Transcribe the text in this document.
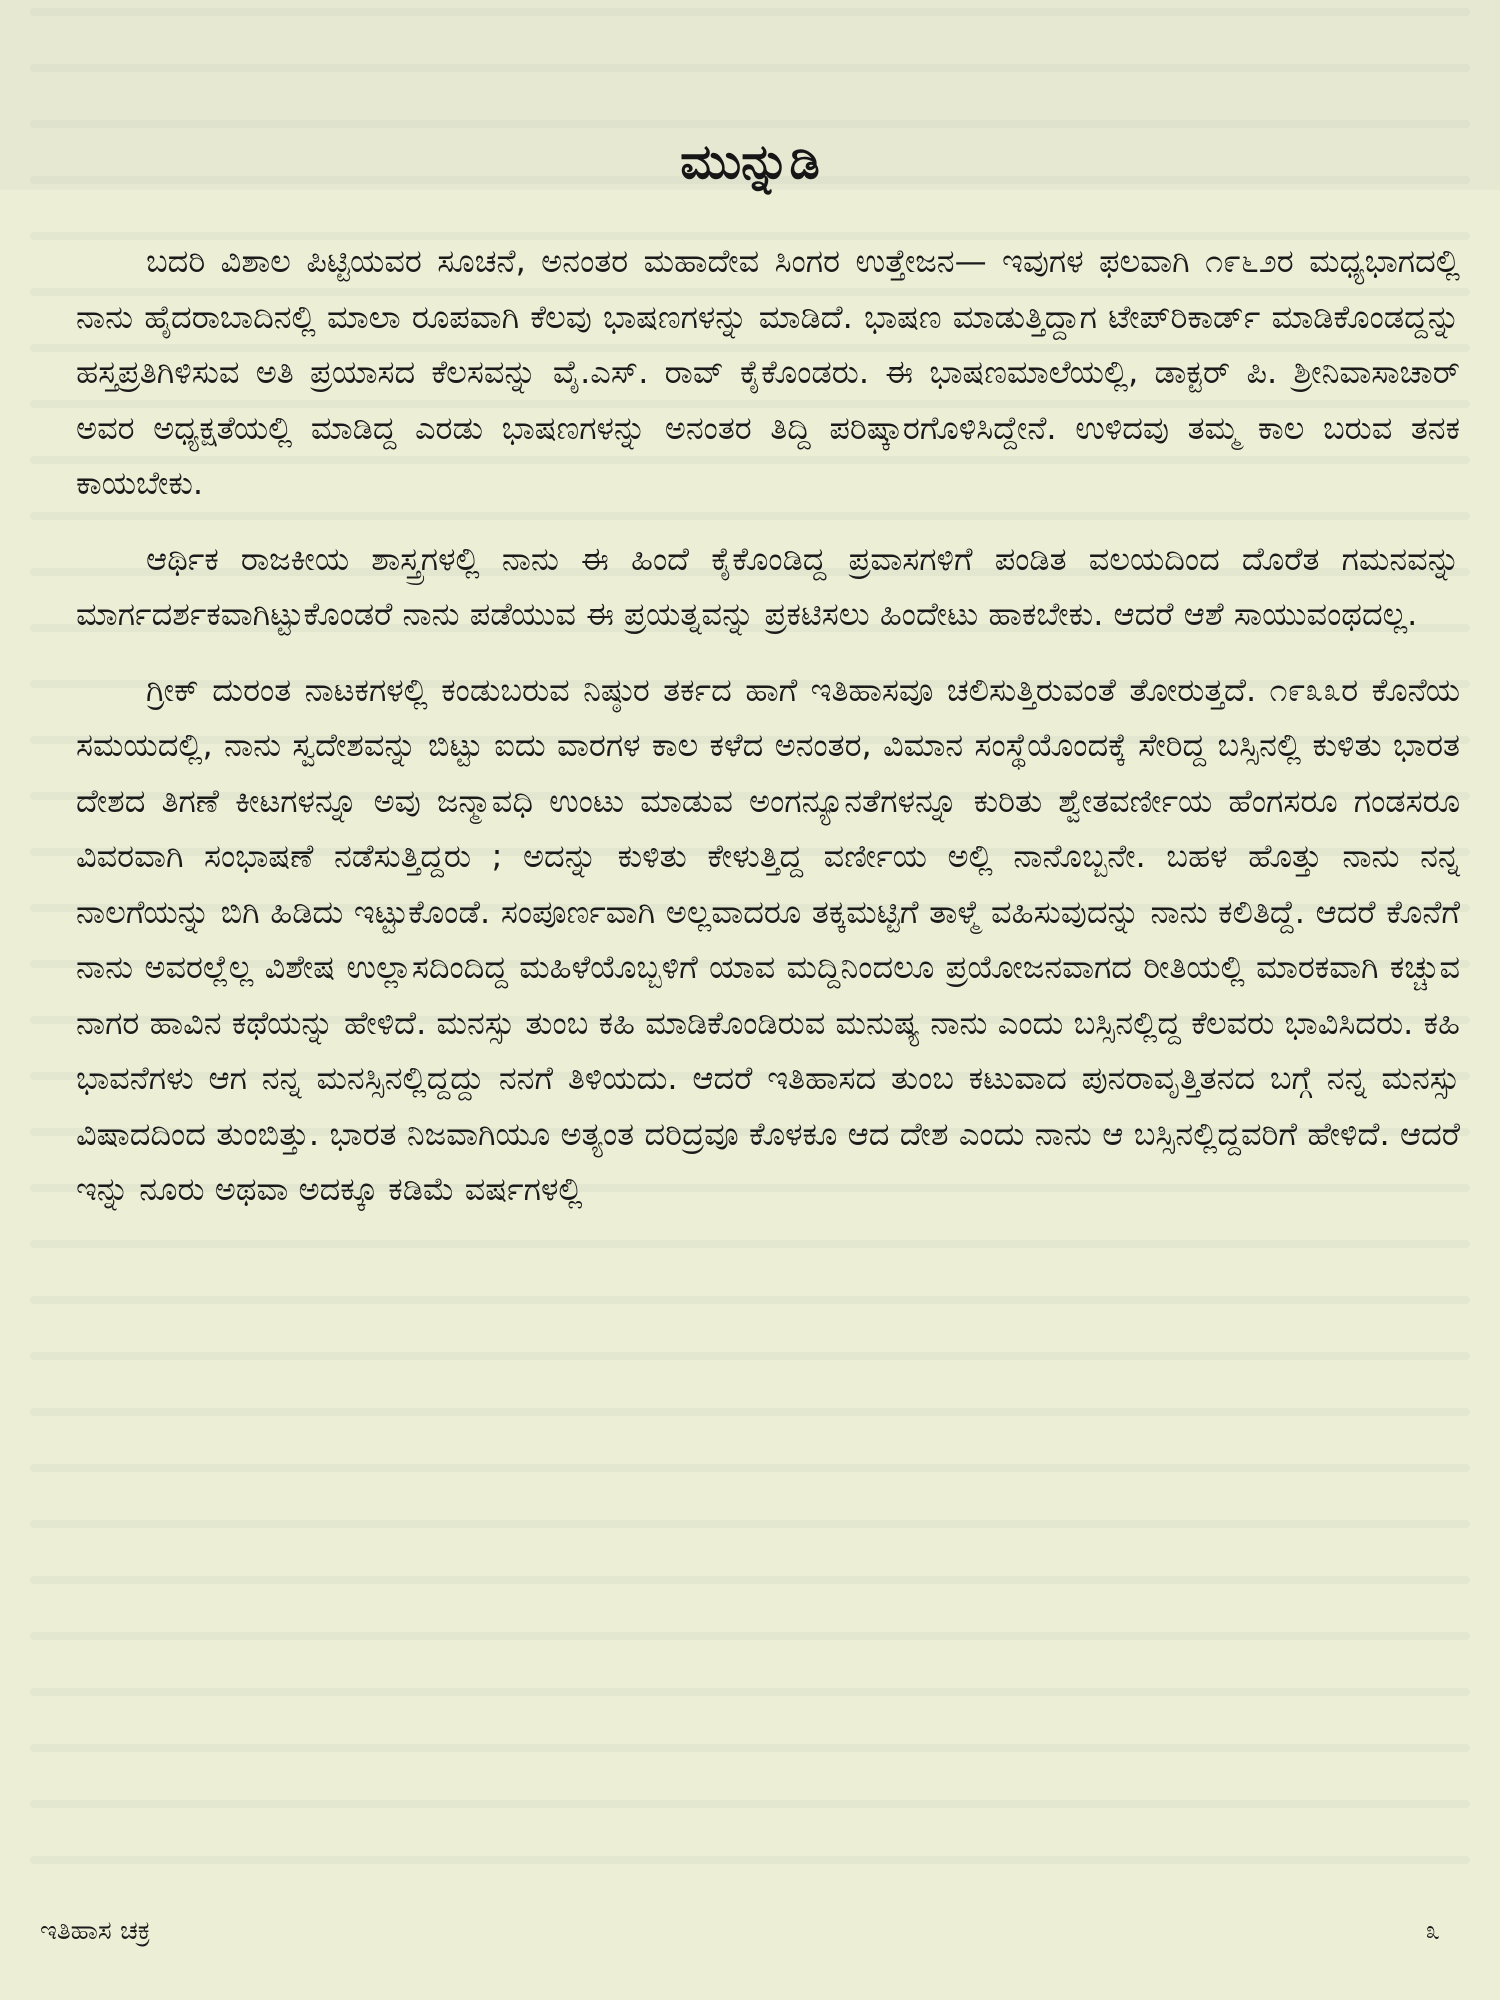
ಮುನ್ನುಡಿ

ಬದರಿ ವಿಶಾಲ ಪಿಟ್ಟಿಯವರ ಸೂಚನೆ, ಅನಂತರ ಮಹಾದೇವ ಸಿಂಗರ ಉತ್ತೇಜನ— ಇವುಗಳ ಫಲವಾಗಿ ೧೯೬೨ರ ಮಧ್ಯಭಾಗದಲ್ಲಿ ನಾನು ಹೈದರಾಬಾದಿನಲ್ಲಿ ಮಾಲಾ ರೂಪವಾಗಿ ಕೆಲವು ಭಾಷಣಗಳನ್ನು ಮಾಡಿದೆ. ಭಾಷಣ ಮಾಡುತ್ತಿದ್ದಾಗ ಟೇಪ್‌ರಿಕಾರ್ಡ್ ಮಾಡಿಕೊಂಡದ್ದನ್ನು ಹಸ್ತಪ್ರತಿಗಿಳಿಸುವ ಅತಿ ಪ್ರಯಾಸದ ಕೆಲಸವನ್ನು ವೈ.ಎಸ್. ರಾವ್ ಕೈಕೊಂಡರು. ಈ ಭಾಷಣಮಾಲೆಯಲ್ಲಿ, ಡಾಕ್ಟರ್ ಪಿ. ಶ್ರೀನಿವಾಸಾಚಾರ್ ಅವರ ಅಧ್ಯಕ್ಷತೆಯಲ್ಲಿ ಮಾಡಿದ್ದ ಎರಡು ಭಾಷಣಗಳನ್ನು ಅನಂತರ ತಿದ್ದಿ ಪರಿಷ್ಕಾರಗೊಳಿಸಿದ್ದೇನೆ. ಉಳಿದವು ತಮ್ಮ ಕಾಲ ಬರುವ ತನಕ ಕಾಯಬೇಕು.

ಆರ್ಥಿಕ ರಾಜಕೀಯ ಶಾಸ್ತ್ರಗಳಲ್ಲಿ ನಾನು ಈ ಹಿಂದೆ ಕೈಕೊಂಡಿದ್ದ ಪ್ರವಾಸಗಳಿಗೆ ಪಂಡಿತ ವಲಯದಿಂದ ದೊರೆತ ಗಮನವನ್ನು ಮಾರ್ಗದರ್ಶಕವಾಗಿಟ್ಟುಕೊಂಡರೆ ನಾನು ಪಡೆಯುವ ಈ ಪ್ರಯತ್ನವನ್ನು ಪ್ರಕಟಿಸಲು ಹಿಂದೇಟು ಹಾಕಬೇಕು. ಆದರೆ ಆಶೆ ಸಾಯುವಂಥದಲ್ಲ.

ಗ್ರೀಕ್ ದುರಂತ ನಾಟಕಗಳಲ್ಲಿ ಕಂಡುಬರುವ ನಿಷ್ಠುರ ತರ್ಕದ ಹಾಗೆ ಇತಿಹಾಸವೂ ಚಲಿಸುತ್ತಿರುವಂತೆ ತೋರುತ್ತದೆ. ೧೯೩೩ರ ಕೊನೆಯ ಸಮಯದಲ್ಲಿ, ನಾನು ಸ್ವದೇಶವನ್ನು ಬಿಟ್ಟು ಐದು ವಾರಗಳ ಕಾಲ ಕಳೆದ ಅನಂತರ, ವಿಮಾನ ಸಂಸ್ಥೆಯೊಂದಕ್ಕೆ ಸೇರಿದ್ದ ಬಸ್ಸಿನಲ್ಲಿ ಕುಳಿತು ಭಾರತ ದೇಶದ ತಿಗಣೆ ಕೀಟಗಳನ್ನೂ ಅವು ಜನ್ಮಾವಧಿ ಉಂಟು ಮಾಡುವ ಅಂಗನ್ಯೂನತೆಗಳನ್ನೂ ಕುರಿತು ಶ್ವೇತವರ್ಣೀಯ ಹೆಂಗಸರೂ ಗಂಡಸರೂ ವಿವರವಾಗಿ ಸಂಭಾಷಣೆ ನಡೆಸುತ್ತಿದ್ದರು ; ಅದನ್ನು ಕುಳಿತು ಕೇಳುತ್ತಿದ್ದ ವರ್ಣೀಯ ಅಲ್ಲಿ ನಾನೊಬ್ಬನೇ. ಬಹಳ ಹೊತ್ತು ನಾನು ನನ್ನ ನಾಲಗೆಯನ್ನು ಬಿಗಿ ಹಿಡಿದು ಇಟ್ಟುಕೊಂಡೆ. ಸಂಪೂರ್ಣವಾಗಿ ಅಲ್ಲವಾದರೂ ತಕ್ಕಮಟ್ಟಿಗೆ ತಾಳ್ಮೆ ವಹಿಸುವುದನ್ನು ನಾನು ಕಲಿತಿದ್ದೆ. ಆದರೆ ಕೊನೆಗೆ ನಾನು ಅವರಲ್ಲೆಲ್ಲ ವಿಶೇಷ ಉಲ್ಲಾಸದಿಂದಿದ್ದ ಮಹಿಳೆಯೊಬ್ಬಳಿಗೆ ಯಾವ ಮದ್ದಿನಿಂದಲೂ ಪ್ರಯೋಜನವಾಗದ ರೀತಿಯಲ್ಲಿ ಮಾರಕವಾಗಿ ಕಚ್ಚುವ ನಾಗರ ಹಾವಿನ ಕಥೆಯನ್ನು ಹೇಳಿದೆ. ಮನಸ್ಸು ತುಂಬ ಕಹಿ ಮಾಡಿಕೊಂಡಿರುವ ಮನುಷ್ಯ ನಾನು ಎಂದು ಬಸ್ಸಿನಲ್ಲಿದ್ದ ಕೆಲವರು ಭಾವಿಸಿದರು. ಕಹಿ ಭಾವನೆಗಳು ಆಗ ನನ್ನ ಮನಸ್ಸಿನಲ್ಲಿದ್ದದ್ದು ನನಗೆ ತಿಳಿಯದು. ಆದರೆ ಇತಿಹಾಸದ ತುಂಬ ಕಟುವಾದ ಪುನರಾವೃತ್ತಿತನದ ಬಗ್ಗೆ ನನ್ನ ಮನಸ್ಸು ವಿಷಾದದಿಂದ ತುಂಬಿತ್ತು. ಭಾರತ ನಿಜವಾಗಿಯೂ ಅತ್ಯಂತ ದರಿದ್ರವೂ ಕೊಳಕೂ ಆದ ದೇಶ ಎಂದು ನಾನು ಆ ಬಸ್ಸಿನಲ್ಲಿದ್ದವರಿಗೆ ಹೇಳಿದೆ. ಆದರೆ ಇನ್ನು ನೂರು ಅಥವಾ ಅದಕ್ಕೂ ಕಡಿಮೆ ವರ್ಷಗಳಲ್ಲಿ

ಇತಿಹಾಸ ಚಕ್ರ	೩
